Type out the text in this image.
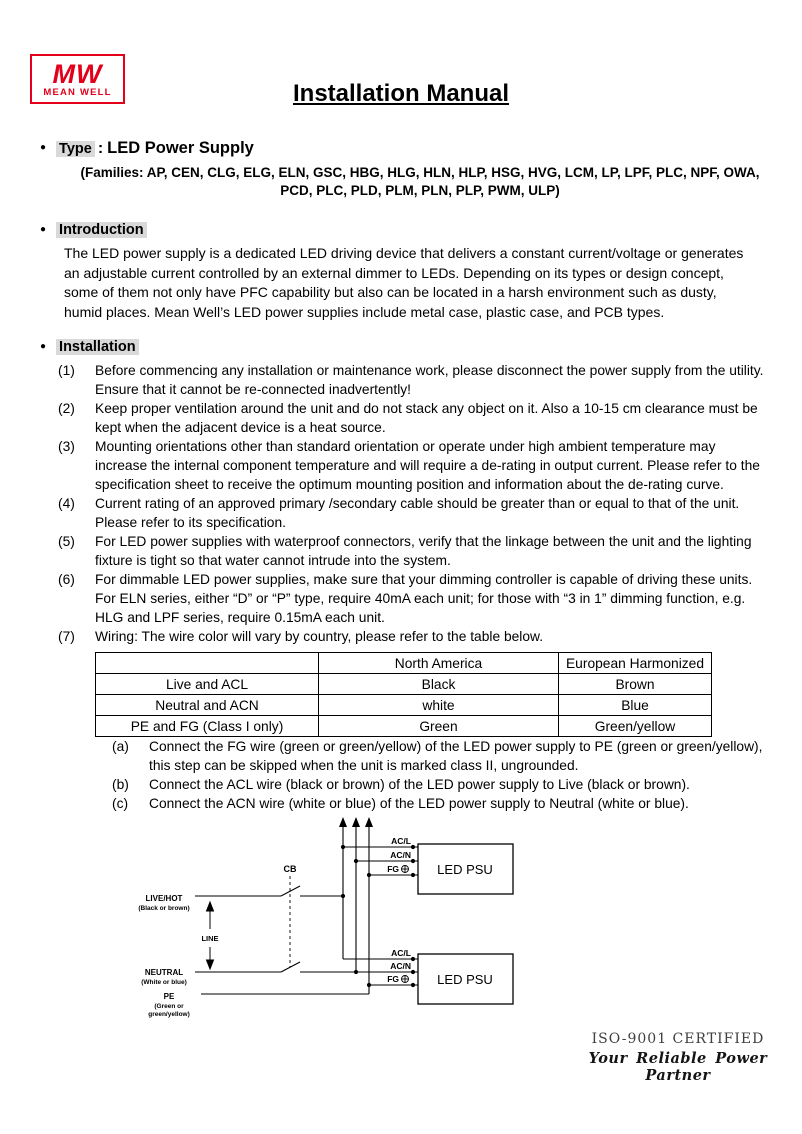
MW
MEAN WELL	Installation Manual
● Type : LED Power Supply
(Families: AP, CEN, CLG, ELG, ELN, GSC, HBG, HLG, HLN, HLP, HSG, HVG, LCM, LP, LPF, PLC, NPF, OWA, PCD, PLC, PLD, PLM, PLN, PLP, PWM, ULP)
● Introduction
The LED power supply is a dedicated LED driving device that delivers a constant current/voltage or generates an adjustable current controlled by an external dimmer to LEDs. Depending on its types or design concept, some of them not only have PFC capability but also can be located in a harsh environment such as dusty, humid places. Mean Well’s LED power supplies include metal case, plastic case, and PCB types.
● Installation
(1)	Before commencing any installation or maintenance work, please disconnect the power supply from the utility. Ensure that it cannot be re-connected inadvertently!
(2)	Keep proper ventilation around the unit and do not stack any object on it. Also a 10-15 cm clearance must be kept when the adjacent device is a heat source.
(3)	Mounting orientations other than standard orientation or operate under high ambient temperature may increase the internal component temperature and will require a de-rating in output current. Please refer to the specification sheet to receive the optimum mounting position and information about the de-rating curve.
(4)	Current rating of an approved primary /secondary cable should be greater than or equal to that of the unit. Please refer to its specification.
(5)	For LED power supplies with waterproof connectors, verify that the linkage between the unit and the lighting fixture is tight so that water cannot intrude into the system.
(6)	For dimmable LED power supplies, make sure that your dimming controller is capable of driving these units. For ELN series, either “D” or “P” type, require 40mA each unit; for those with “3 in 1” dimming function, e.g. HLG and LPF series, require 0.15mA each unit.
(7)	Wiring: The wire color will vary by country, please refer to the table below.
	North America	European Harmonized
Live and ACL	Black	Brown
Neutral and ACN	white	Blue
PE and FG (Class I only)	Green	Green/yellow
(a)	Connect the FG wire (green or green/yellow) of the LED power supply to PE (green or green/yellow), this step can be skipped when the unit is marked class II, ungrounded.
(b)	Connect the ACL wire (black or brown) of the LED power supply to Live (black or brown).
(c)	Connect the ACN wire (white or blue) of the LED power supply to Neutral (white or blue).
LED PSU
AC/L
AC/N
FG
LED PSU
AC/L
AC/N
FG
CB
LINE
LIVE/HOT
(Black or brown)
NEUTRAL
(White or blue)
PE
(Green or
green/yellow)
ISO-9001 CERTIFIED
Your Reliable Power Partner
